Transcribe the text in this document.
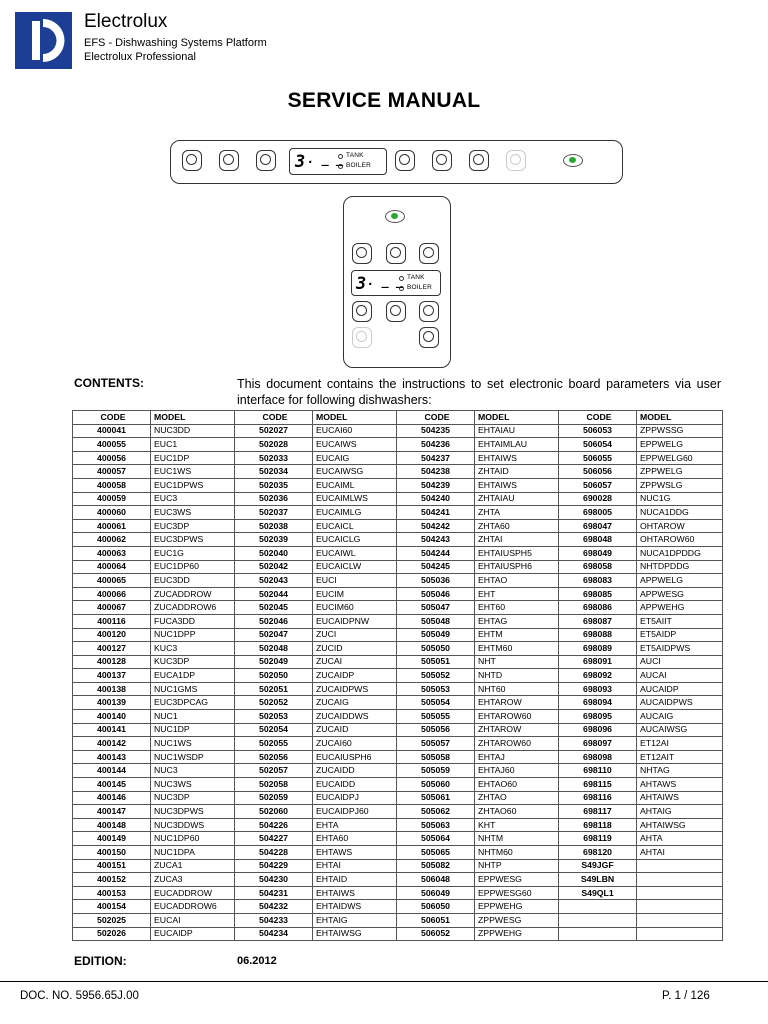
Electrolux
EFS - Dishwashing Systems Platform
Electrolux Professional
SERVICE MANUAL
3 . _ _ TANK
BOILER
3 . _ _ TANK
BOILER
CONTENTS:	This document contains the instructions to set electronic board parameters via user interface for following dishwashers:
CODE	MODEL	CODE	MODEL	CODE	MODEL	CODE	MODEL
400041	NUC3DD	502027	EUCAI60	504235	EHTAIAU	506053	ZPPWSSG
400055	EUC1	502028	EUCAIWS	504236	EHTAIMLAU	506054	EPPWELG
400056	EUC1DP	502033	EUCAIG	504237	EHTAIWS	506055	EPPWELG60
400057	EUC1WS	502034	EUCAIWSG	504238	ZHTAID	506056	ZPPWELG
400058	EUC1DPWS	502035	EUCAIML	504239	EHTAIWS	506057	ZPPWSLG
400059	EUC3	502036	EUCAIMLWS	504240	ZHTAIAU	690028	NUC1G
400060	EUC3WS	502037	EUCAIMLG	504241	ZHTA	698005	NUCA1DDG
400061	EUC3DP	502038	EUCAICL	504242	ZHTA60	698047	OHTAROW
400062	EUC3DPWS	502039	EUCAICLG	504243	ZHTAI	698048	OHTAROW60
400063	EUC1G	502040	EUCAIWL	504244	EHTAIUSPH5	698049	NUCA1DPDDG
400064	EUC1DP60	502042	EUCAICLW	504245	EHTAIUSPH6	698058	NHTDPDDG
400065	EUC3DD	502043	EUCI	505036	EHTAO	698083	APPWELG
400066	ZUCADDROW	502044	EUCIM	505046	EHT	698085	APPWESG
400067	ZUCADDROW6	502045	EUCIM60	505047	EHT60	698086	APPWEHG
400116	FUCA3DD	502046	EUCAIDPNW	505048	EHTAG	698087	ET5AIIT
400120	NUC1DPP	502047	ZUCI	505049	EHTM	698088	ET5AIDP
400127	KUC3	502048	ZUCID	505050	EHTM60	698089	ET5AIDPWS
400128	KUC3DP	502049	ZUCAI	505051	NHT	698091	AUCI
400137	EUCA1DP	502050	ZUCAIDP	505052	NHTD	698092	AUCAI
400138	NUC1GMS	502051	ZUCAIDPWS	505053	NHT60	698093	AUCAIDP
400139	EUC3DPCAG	502052	ZUCAIG	505054	EHTAROW	698094	AUCAIDPWS
400140	NUC1	502053	ZUCAIDDWS	505055	EHTAROW60	698095	AUCAIG
400141	NUC1DP	502054	ZUCAID	505056	ZHTAROW	698096	AUCAIWSG
400142	NUC1WS	502055	ZUCAI60	505057	ZHTAROW60	698097	ET12AI
400143	NUC1WSDP	502056	EUCAIUSPH6	505058	EHTAJ	698098	ET12AIT
400144	NUC3	502057	ZUCAIDD	505059	EHTAJ60	698110	NHTAG
400145	NUC3WS	502058	EUCAIDD	505060	EHTAO60	698115	AHTAWS
400146	NUC3DP	502059	EUCAIDPJ	505061	ZHTAO	698116	AHTAIWS
400147	NUC3DPWS	502060	EUCAIDPJ60	505062	ZHTAO60	698117	AHTAIG
400148	NUC3DDWS	504226	EHTA	505063	KHT	698118	AHTAIWSG
400149	NUC1DP60	504227	EHTA60	505064	NHTM	698119	AHTA
400150	NUC1DPA	504228	EHTAWS	505065	NHTM60	698120	AHTAI
400151	ZUCA1	504229	EHTAI	505082	NHTP	S49JGF	
400152	ZUCA3	504230	EHTAID	506048	EPPWESG	S49LBN	
400153	EUCADDROW	504231	EHTAIWS	506049	EPPWESG60	S49QL1	
400154	EUCADDROW6	504232	EHTAIDWS	506050	EPPWEHG		
502025	EUCAI	504233	EHTAIG	506051	ZPPWESG		
502026	EUCAIDP	504234	EHTAIWSG	506052	ZPPWEHG		
EDITION:	06.2012
DOC. NO. 5956.65J.00	P. 1 / 126
